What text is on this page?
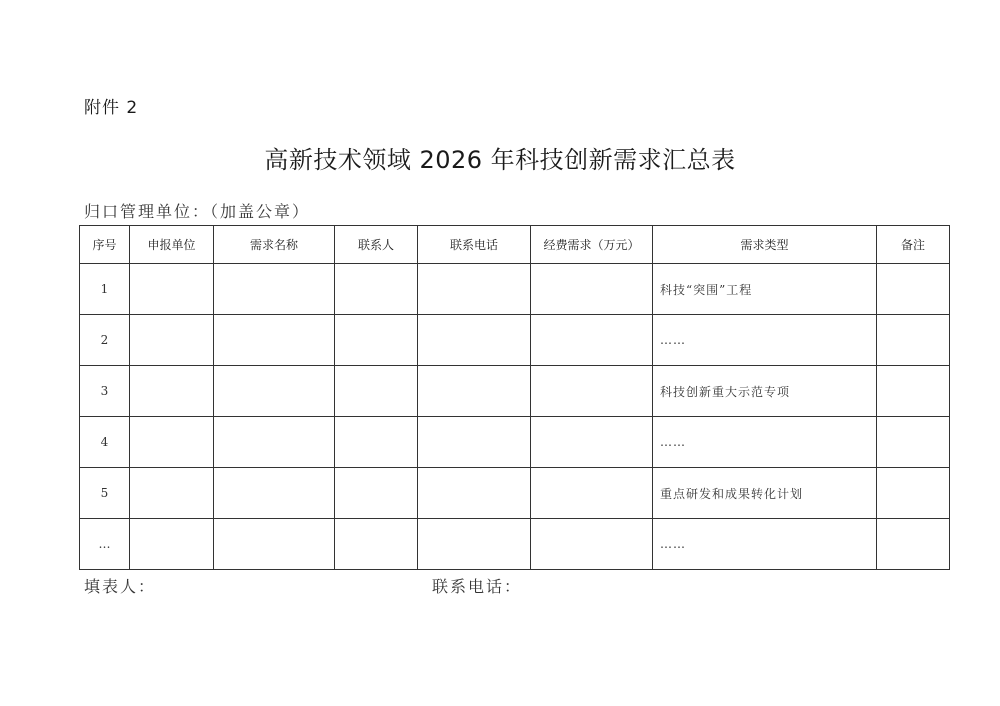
附件 2
高新技术领域 2026 年科技创新需求汇总表
归口管理单位：（加盖公章）
序号	申报单位	需求名称	联系人	联系电话	经费需求（万元）	需求类型	备注
1						科技“突围”工程	
2						……	
3						科技创新重大示范专项	
4						……	
5						重点研发和成果转化计划	
…						……	
填表人：	联系电话：
